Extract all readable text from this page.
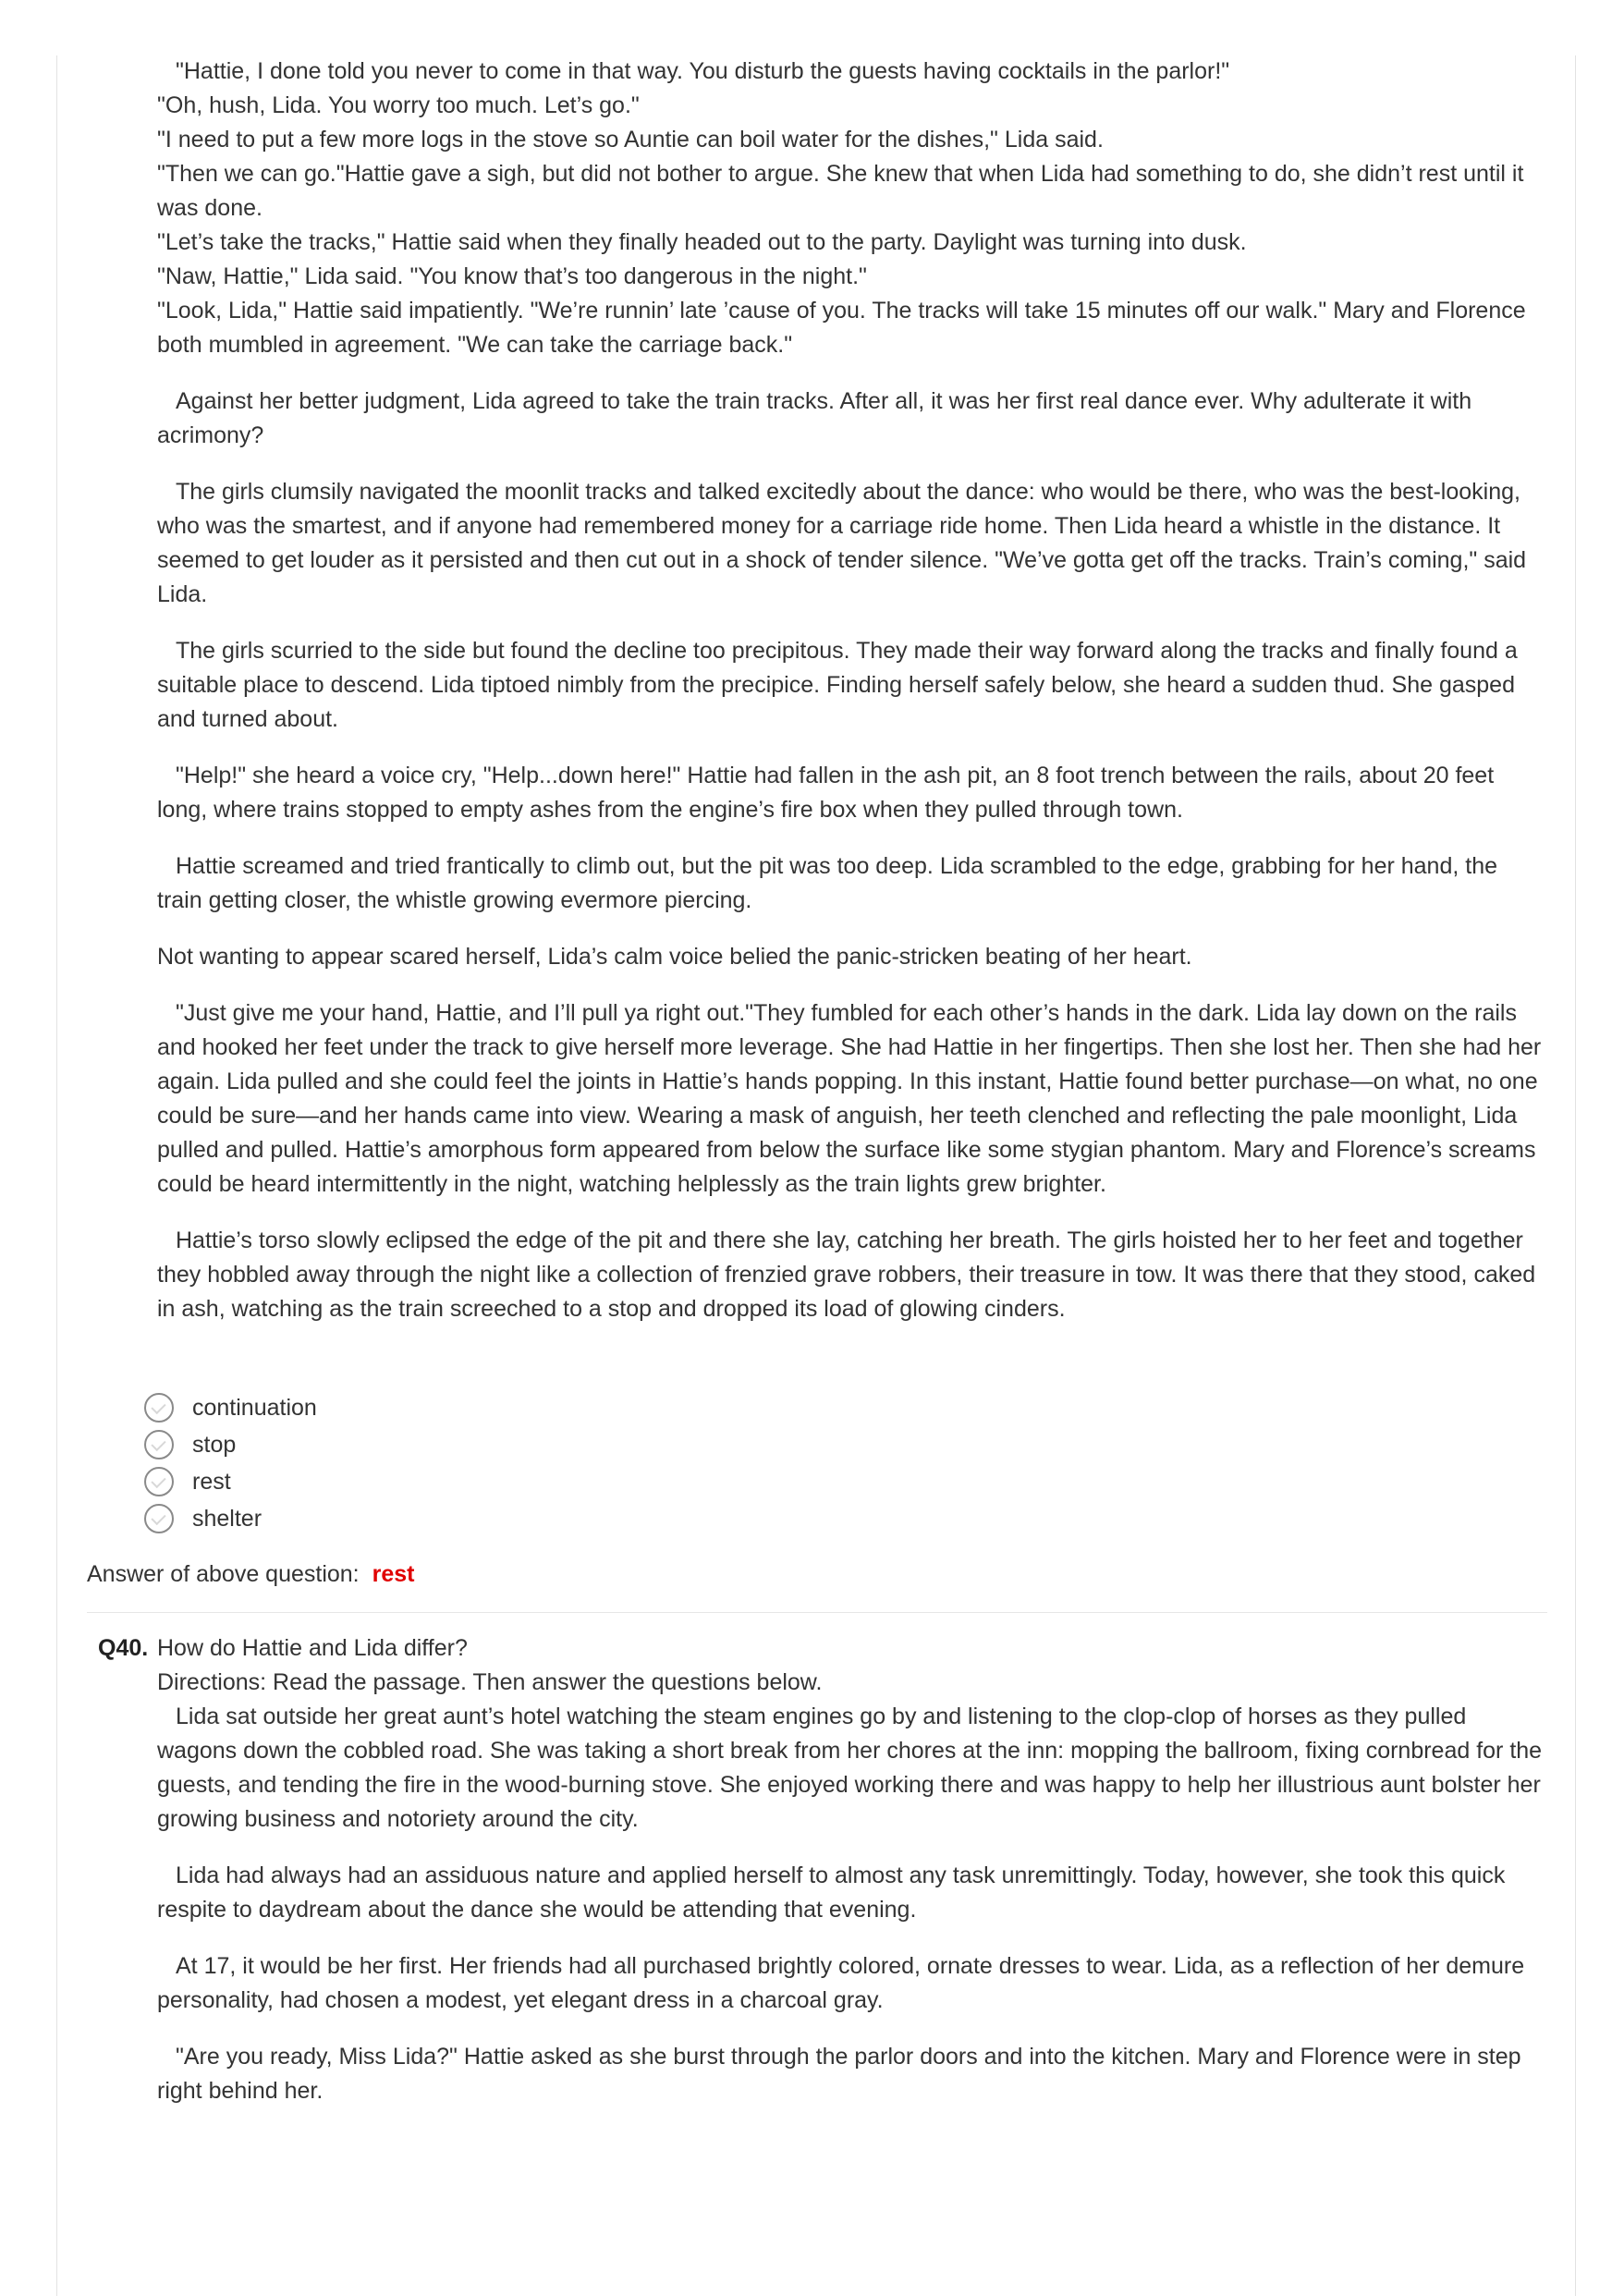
"Hattie, I done told you never to come in that way. You disturb the guests having cocktails in the parlor!"
"Oh, hush, Lida. You worry too much. Let’s go."
"I need to put a few more logs in the stove so Auntie can boil water for the dishes," Lida said.
"Then we can go."Hattie gave a sigh, but did not bother to argue. She knew that when Lida had something to do, she didn’t rest until it was done.
"Let’s take the tracks," Hattie said when they finally headed out to the party. Daylight was turning into dusk.
"Naw, Hattie," Lida said. "You know that’s too dangerous in the night."
"Look, Lida," Hattie said impatiently. "We’re runnin’ late ’cause of you. The tracks will take 15 minutes off our walk." Mary and Florence both mumbled in agreement. "We can take the carriage back."

Against her better judgment, Lida agreed to take the train tracks. After all, it was her first real dance ever. Why adulterate it with acrimony?

The girls clumsily navigated the moonlit tracks and talked excitedly about the dance: who would be there, who was the best-looking, who was the smartest, and if anyone had remembered money for a carriage ride home. Then Lida heard a whistle in the distance. It seemed to get louder as it persisted and then cut out in a shock of tender silence. "We’ve gotta get off the tracks. Train’s coming," said Lida.

The girls scurried to the side but found the decline too precipitous. They made their way forward along the tracks and finally found a suitable place to descend. Lida tiptoed nimbly from the precipice. Finding herself safely below, she heard a sudden thud. She gasped and turned about.

"Help!" she heard a voice cry, "Help...down here!" Hattie had fallen in the ash pit, an 8 foot trench between the rails, about 20 feet long, where trains stopped to empty ashes from the engine’s fire box when they pulled through town.

Hattie screamed and tried frantically to climb out, but the pit was too deep. Lida scrambled to the edge, grabbing for her hand, the train getting closer, the whistle growing evermore piercing.

Not wanting to appear scared herself, Lida’s calm voice belied the panic-stricken beating of her heart.

"Just give me your hand, Hattie, and I’ll pull ya right out."They fumbled for each other’s hands in the dark. Lida lay down on the rails and hooked her feet under the track to give herself more leverage. She had Hattie in her fingertips. Then she lost her. Then she had her again. Lida pulled and she could feel the joints in Hattie’s hands popping. In this instant, Hattie found better purchase—on what, no one could be sure—and her hands came into view. Wearing a mask of anguish, her teeth clenched and reflecting the pale moonlight, Lida pulled and pulled. Hattie’s amorphous form appeared from below the surface like some stygian phantom. Mary and Florence’s screams could be heard intermittently in the night, watching helplessly as the train lights grew brighter.

Hattie’s torso slowly eclipsed the edge of the pit and there she lay, catching her breath. The girls hoisted her to her feet and together they hobbled away through the night like a collection of frenzied grave robbers, their treasure in tow. It was there that they stood, caked in ash, watching as the train screeched to a stop and dropped its load of glowing cinders.

continuation
stop
rest
shelter
Answer of above question: rest
Q40. How do Hattie and Lida differ?
Directions: Read the passage. Then answer the questions below.

Lida sat outside her great aunt’s hotel watching the steam engines go by and listening to the clop-clop of horses as they pulled wagons down the cobbled road. She was taking a short break from her chores at the inn: mopping the ballroom, fixing cornbread for the guests, and tending the fire in the wood-burning stove. She enjoyed working there and was happy to help her illustrious aunt bolster her growing business and notoriety around the city.

Lida had always had an assiduous nature and applied herself to almost any task unremittingly. Today, however, she took this quick respite to daydream about the dance she would be attending that evening.

At 17, it would be her first. Her friends had all purchased brightly colored, ornate dresses to wear. Lida, as a reflection of her demure personality, had chosen a modest, yet elegant dress in a charcoal gray.

"Are you ready, Miss Lida?" Hattie asked as she burst through the parlor doors and into the kitchen. Mary and Florence were in step right behind her.
